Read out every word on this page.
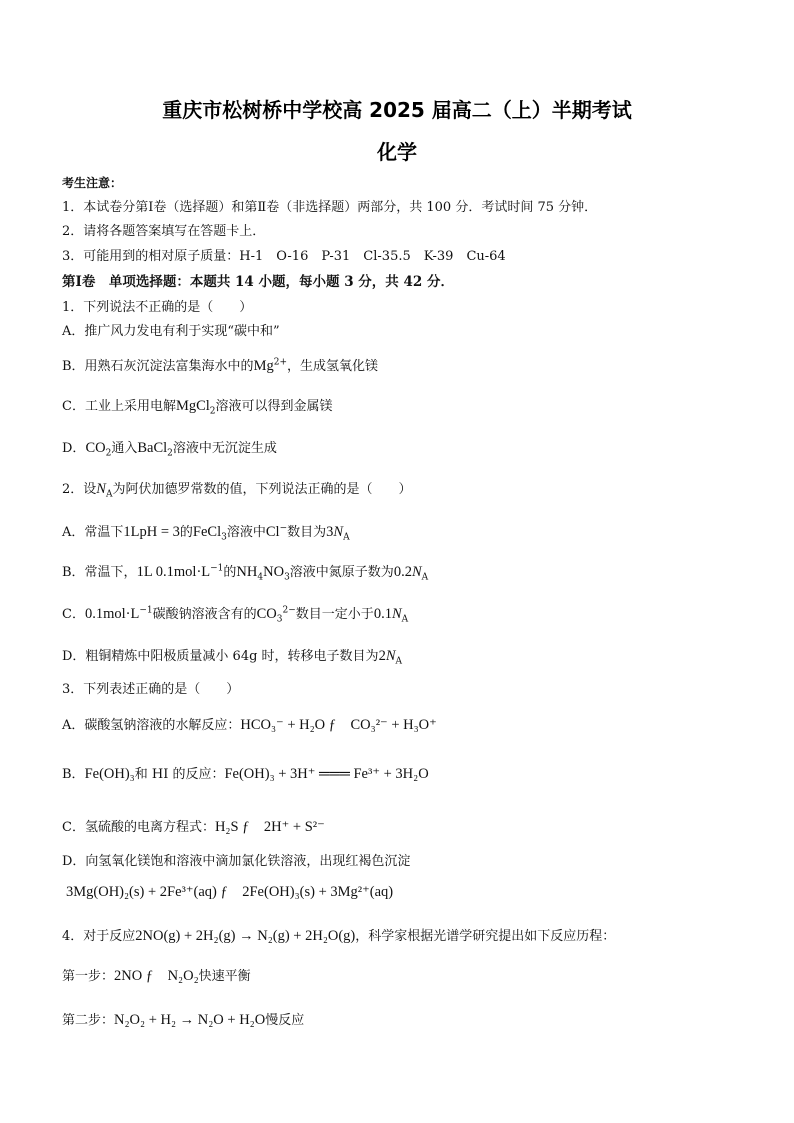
重庆市松树桥中学校高 2025 届高二（上）半期考试
化学
考生注意：
1．本试卷分第Ⅰ卷（选择题）和第Ⅱ卷（非选择题）两部分，共 100 分．考试时间 75 分钟．
2．请将各题答案填写在答题卡上．
3．可能用到的相对原子质量：H-1　O-16　P-31　Cl-35.5　K-39　Cu-64
第Ⅰ卷　单项选择题：本题共 14 小题，每小题 3 分，共 42 分．
1．下列说法不正确的是（　　）
A．推广风力发电有利于实现“碳中和”
B．用熟石灰沉淀法富集海水中的$Mg^{2+}$，生成氢氧化镁
C．工业上采用电解MgCl$_2$溶液可以得到金属镁
D．$CO_2$通入BaCl$_2$溶液中无沉淀生成
2．设$N_A$为阿伏加德罗常数的值，下列说法正确的是（　　）
A．常温下1LpH = 3的FeCl$_3$溶液中Cl−数目为$3N_A$
B．常温下，1L $0.1mol\cdot L^{-1}$的$NH_4NO_3$溶液中氮原子数为$0.2N_A$
C．$0.1mol\cdot L^{-1}$碳酸钠溶液含有的$CO_3^{2-}$数目一定小于$0.1N_A$
D．粗铜精炼中阳极质量减小 64g 时，转移电子数目为$2N_A$
3．下列表述正确的是（　　）
A．碳酸氢钠溶液的水解反应：HCO₃⁻ + H₂O ƒ　CO₃²⁻ + H₃O⁺
B．Fe(OH)₃和 HI 的反应：Fe(OH)₃ + 3H⁺ ═══ Fe³⁺ + 3H₂O
C．氢硫酸的电离方程式：H₂S ƒ　2H⁺ + S²⁻
D．向氢氧化镁饱和溶液中滴加氯化铁溶液，出现红褐色沉淀
3Mg(OH)₂(s) + 2Fe³⁺(aq) ƒ　2Fe(OH)₃(s) + 3Mg²⁺(aq)
4．对于反应2NO(g) + 2H₂(g) → N₂(g) + 2H₂O(g)，科学家根据光谱学研究提出如下反应历程：
第一步：2NO ƒ　N₂O₂快速平衡
第二步：N₂O₂ + H₂ → N₂O + H₂O慢反应
